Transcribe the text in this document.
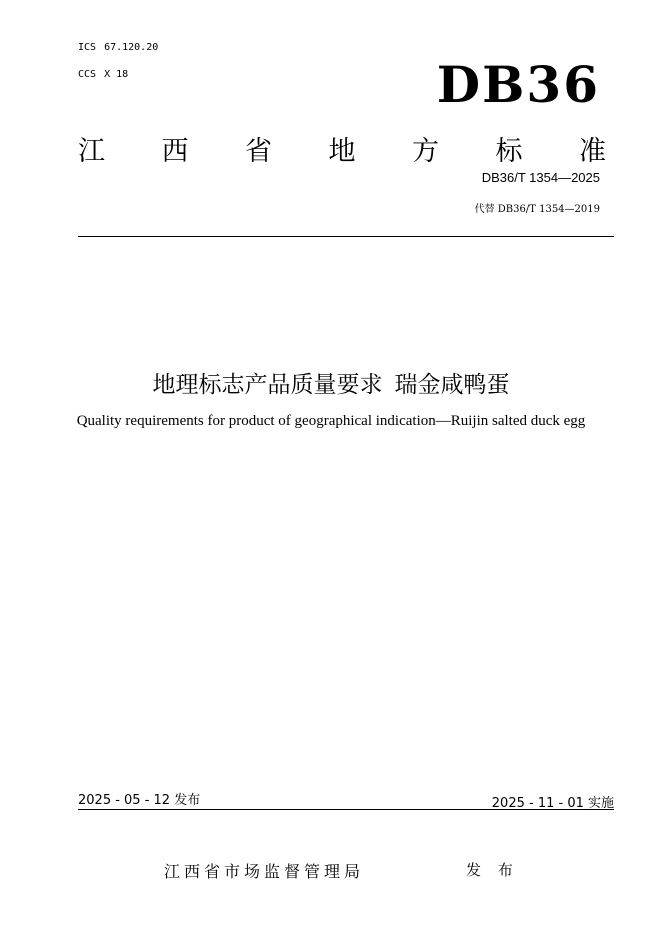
ICS 67.120.20
CCS X 18	DB36
江 西 省 地 方 标 准
DB36/T 1354—2025
代替 DB36/T 1354—2019
地理标志产品质量要求 瑞金咸鸭蛋
Quality requirements for product of geographical indication—Ruijin salted duck egg
2025 - 05 - 12 发布	2025 - 11 - 01 实施
江西省市场监督管理局	发 布
